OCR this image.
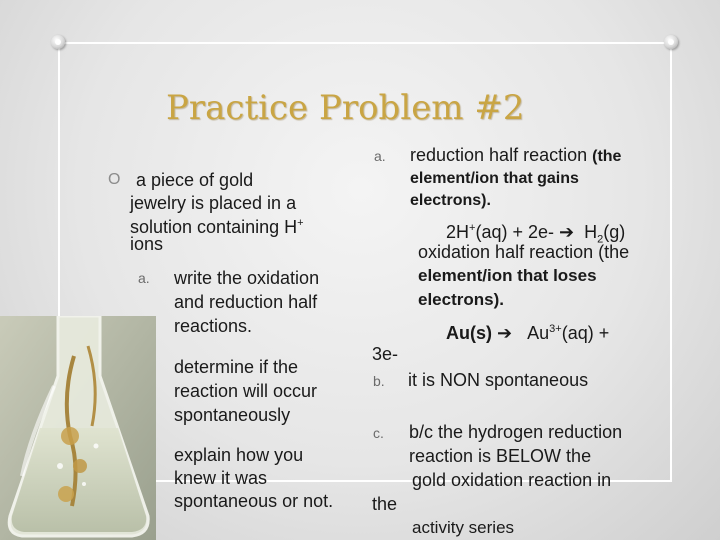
Practice Problem #2
O a piece of gold
jewelry is placed in a
solution containing H+
ions
a. write the oxidation
and reduction half
reactions.
determine if the
reaction will occur
spontaneously
explain how you
knew it was
spontaneous or not.
a. reduction half reaction (the
element/ion that gains
electrons).
2H+(aq) + 2e- ➔ $H_2(g)$
oxidation half reaction (the
element/ion that loses
electrons).
Au(s) ➔ $Au^{3+}(aq)$ +
3e-
b. it is NON spontaneous
c. b/c the hydrogen reduction
reaction is BELOW the
gold oxidation reaction in
the
activity series
